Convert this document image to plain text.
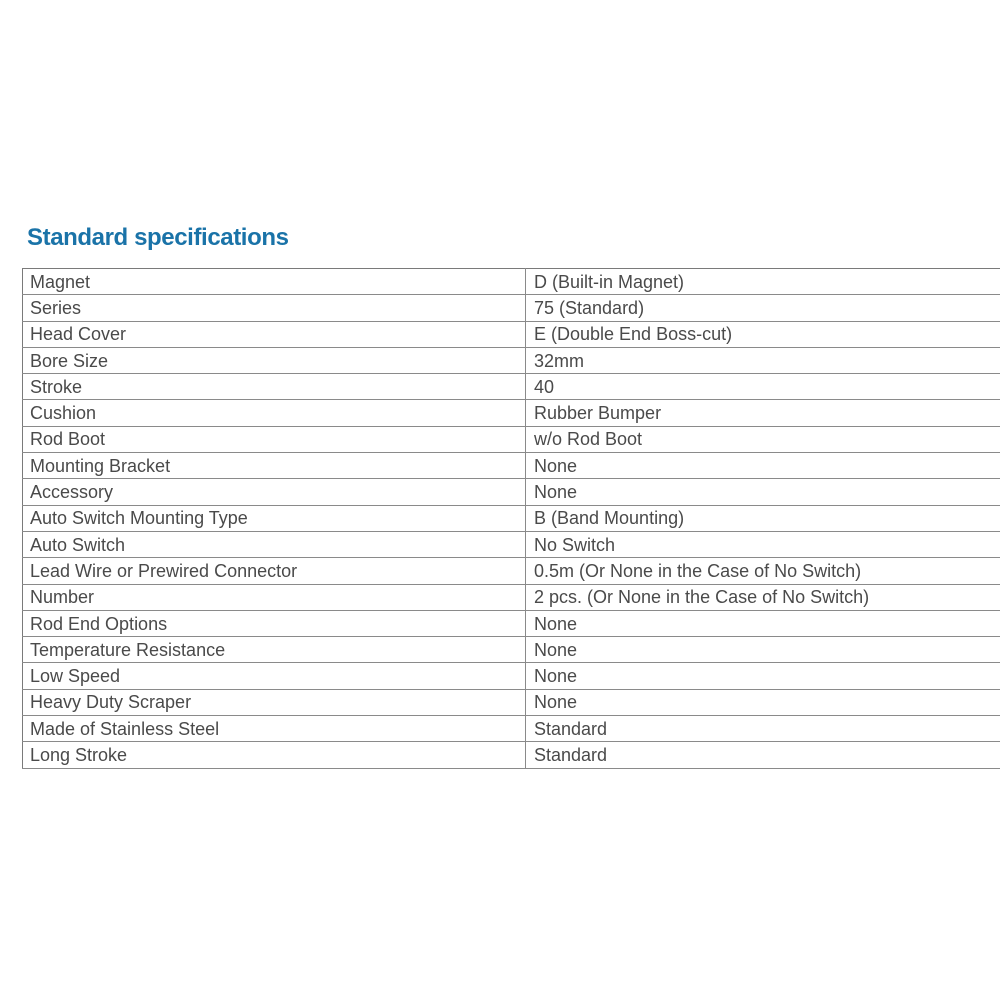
Standard specifications
Magnet	D (Built-in Magnet)
Series	75 (Standard)
Head Cover	E (Double End Boss-cut)
Bore Size	32mm
Stroke	40
Cushion	Rubber Bumper
Rod Boot	w/o Rod Boot
Mounting Bracket	None
Accessory	None
Auto Switch Mounting Type	B (Band Mounting)
Auto Switch	No Switch
Lead Wire or Prewired Connector	0.5m (Or None in the Case of No Switch)
Number	2 pcs. (Or None in the Case of No Switch)
Rod End Options	None
Temperature Resistance	None
Low Speed	None
Heavy Duty Scraper	None
Made of Stainless Steel	Standard
Long Stroke	Standard
